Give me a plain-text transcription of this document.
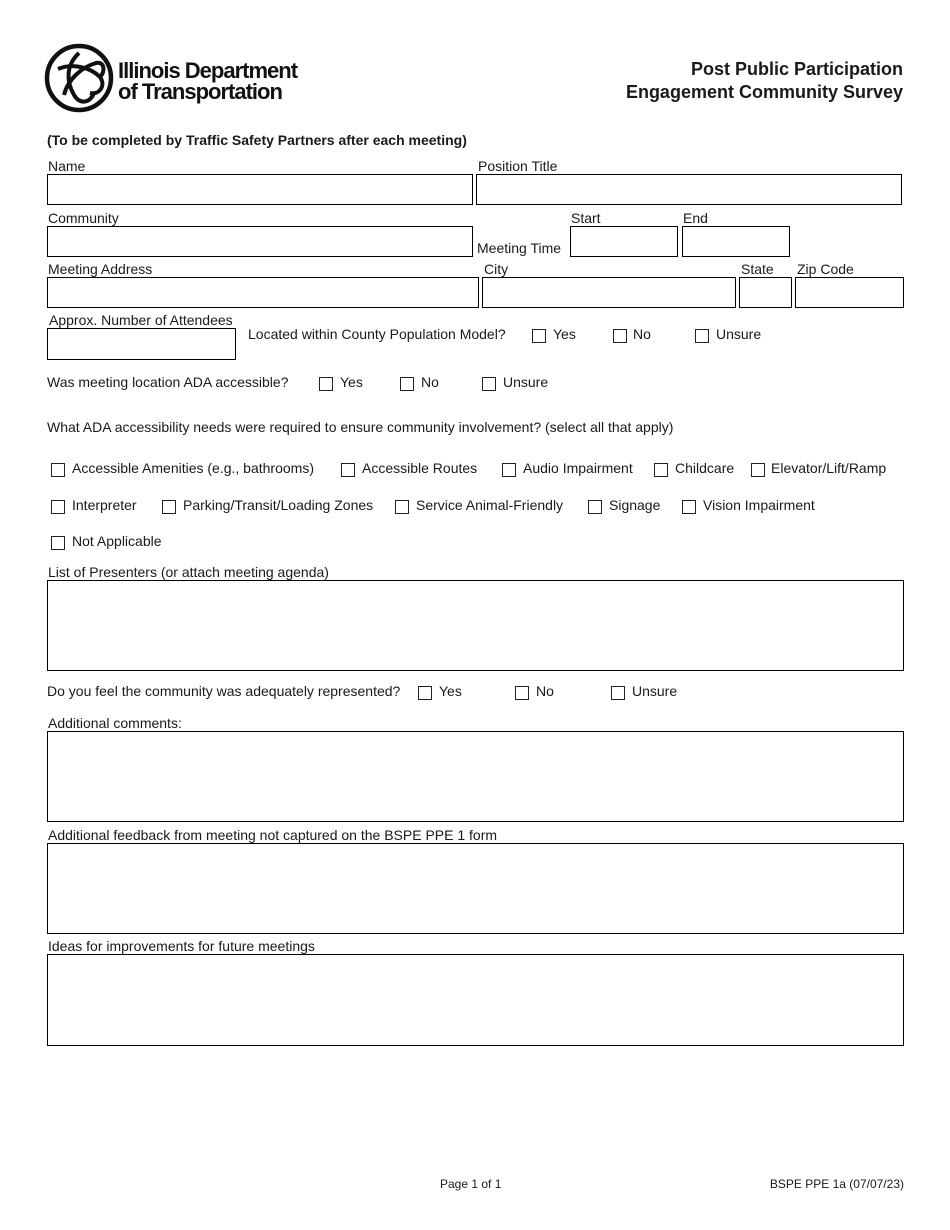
Illinois Department
of Transportation
Post Public Participation
Engagement Community Survey
(To be completed by Traffic Safety Partners after each meeting)
Name	Position Title
Community
Meeting Time
Start	End
Meeting Address	City	State Zip Code
Approx. Number of Attendees
Located within County Population Model?	Yes	No	Unsure
Was meeting location ADA accessible?	Yes	No	Unsure
What ADA accessibility needs were required to ensure community involvement? (select all that apply)
Accessible Amenities (e.g., bathrooms)	Accessible Routes	Audio Impairment	Childcare	Elevator/Lift/Ramp
Interpreter	Parking/Transit/Loading Zones	Service Animal-Friendly	Signage	Vision Impairment
Not Applicable
List of Presenters (or attach meeting agenda)
Do you feel the community was adequately represented?	Yes	No	Unsure
Additional comments:
Additional feedback from meeting not captured on the BSPE PPE 1 form
Ideas for improvements for future meetings
Page 1 of 1	BSPE PPE 1a (07/07/23)
